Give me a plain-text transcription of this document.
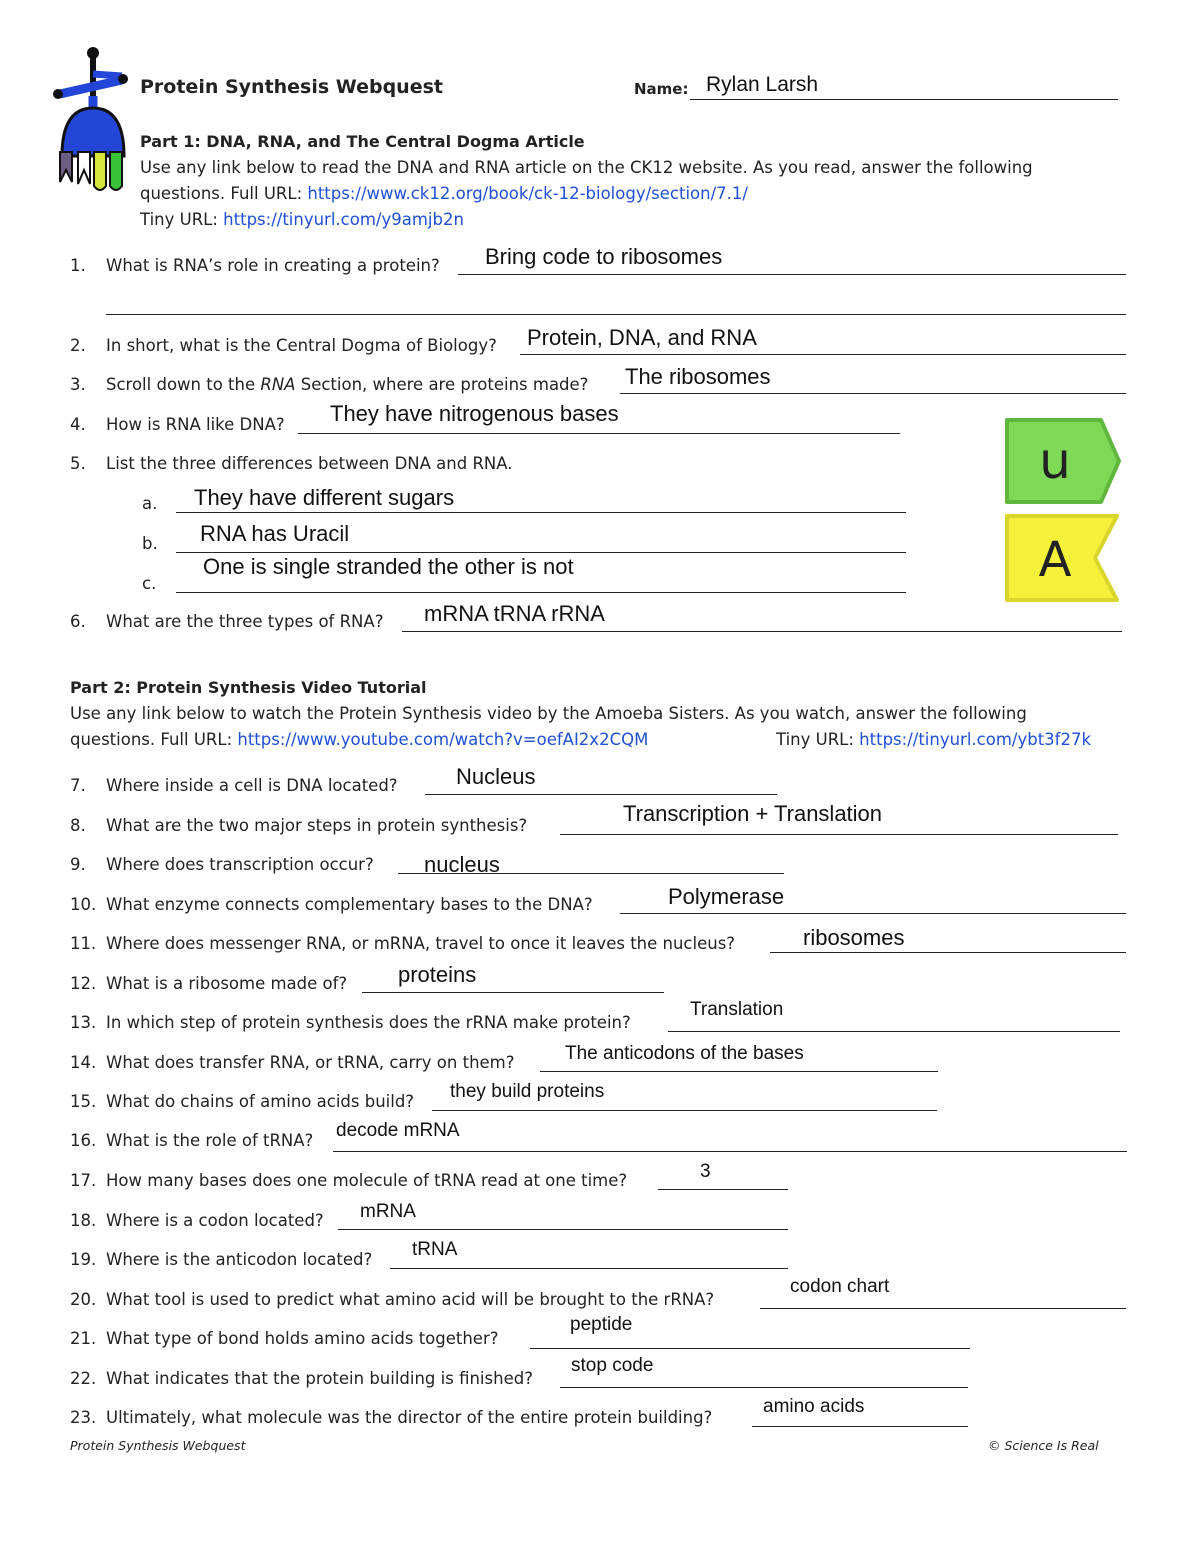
Protein Synthesis Webquest	Name: Rylan Larsh
Part 1: DNA, RNA, and The Central Dogma Article
Use any link below to read the DNA and RNA article on the CK12 website. As you read, answer the following
questions. Full URL: https://www.ck12.org/book/ck-12-biology/section/7.1/
Tiny URL: https://tinyurl.com/y9amjb2n
1. What is RNA’s role in creating a protein? Bring code to ribosomes
2. In short, what is the Central Dogma of Biology? Protein, DNA, and RNA
3. Scroll down to the RNA Section, where are proteins made? The ribosomes
4. How is RNA like DNA? They have nitrogenous bases
5. List the three differences between DNA and RNA.
a. They have different sugars
b. RNA has Uracil
c.
One is single stranded the other is not
6. What are the three types of RNA? mRNA tRNA rRNA
u
A
Part 2: Protein Synthesis Video Tutorial
Use any link below to watch the Protein Synthesis video by the Amoeba Sisters. As you watch, answer the following
questions. Full URL: https://www.youtube.com/watch?v=oefAI2x2CQM	Tiny URL: https://tinyurl.com/ybt3f27k
7. Where inside a cell is DNA located?	Nucleus
8. What are the two major steps in protein synthesis?	Transcription + Translation
9. Where does transcription occur? nucleus
10. What enzyme connects complementary bases to the DNA?	Polymerase
11. Where does messenger RNA, or mRNA, travel to once it leaves the nucleus?	ribosomes
12. What is a ribosome made of? proteins
13. In which step of protein synthesis does the rRNA make protein?
Translation
14. What does transfer RNA, or tRNA, carry on them?	The anticodons of the bases
15. What do chains of amino acids build? they build proteins
16. What is the role of tRNA? decode mRNA
17. How many bases does one molecule of tRNA read at one time?	3
18. Where is a codon located? mRNA
19. Where is the anticodon located? tRNA
20. What tool is used to predict what amino acid will be brought to the rRNA?
codon chart
21. What type of bond holds amino acids together?
peptide
22. What indicates that the protein building is finished?
stop code
23. Ultimately, what molecule was the director of the entire protein building?
amino acids
Protein Synthesis Webquest	© Science Is Real
